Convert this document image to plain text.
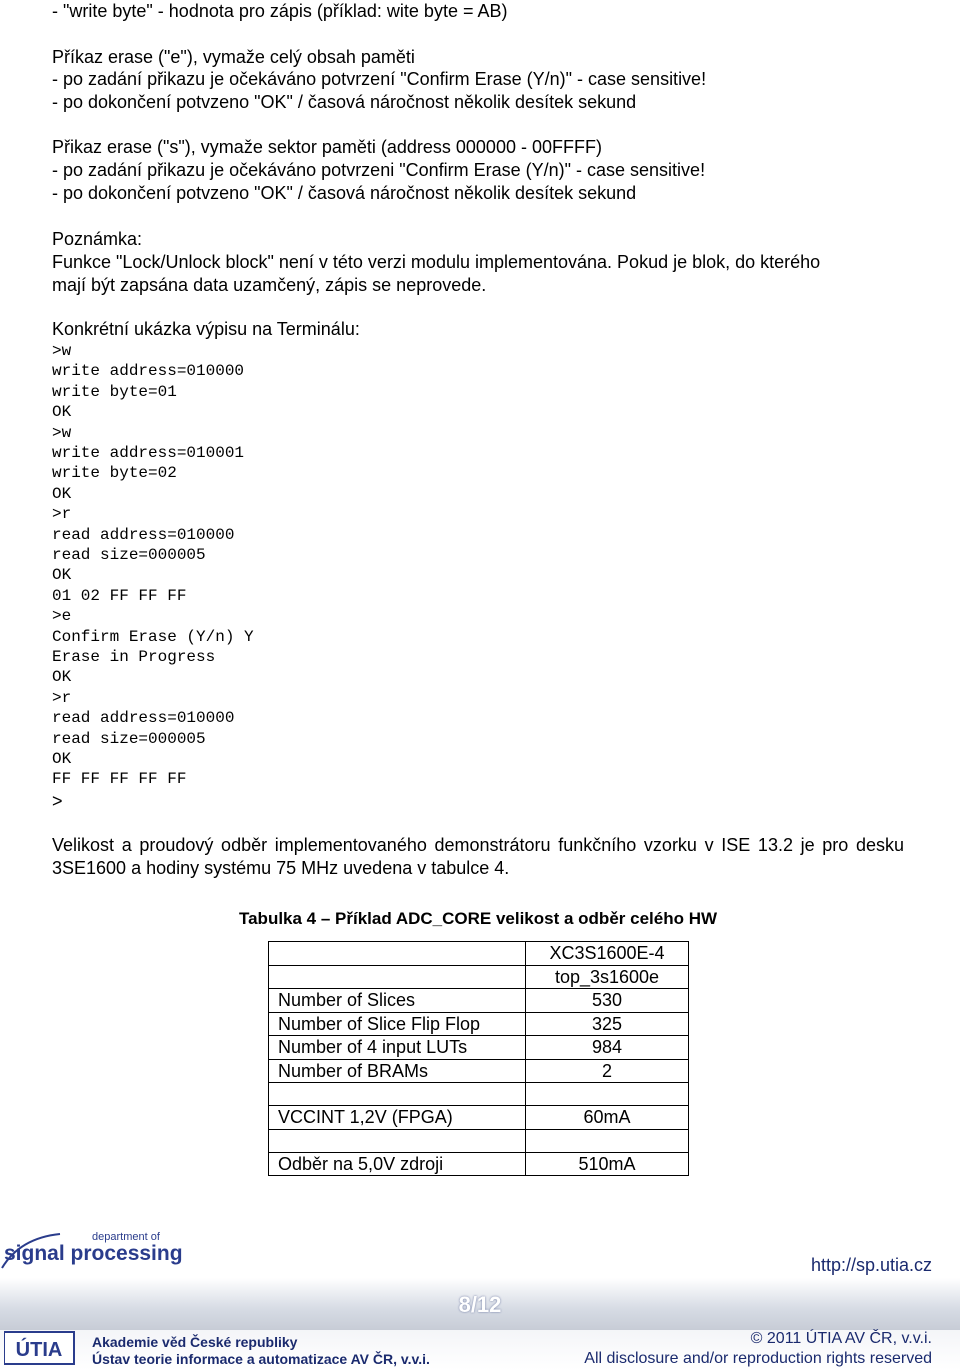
- "write byte" - hodnota pro zápis (příklad: wite byte = AB)
Příkaz erase ("e"), vymaže celý obsah paměti
- po zadání přikazu je očekáváno potvrzení "Confirm Erase (Y/n)" - case sensitive!
- po dokončení potvzeno "OK" / časová náročnost několik desítek sekund
Přikaz erase ("s"), vymaže sektor paměti (address 000000 - 00FFFF)
- po zadání přikazu je očekáváno potvrzeni "Confirm Erase (Y/n)" - case sensitive!
- po dokončení potvzeno "OK" / časová náročnost několik desítek sekund
Poznámka:
Funkce "Lock/Unlock block" není v této verzi modulu implementována. Pokud je blok, do kterého
mají být zapsána data uzamčený, zápis se neprovede.
Konkrétní ukázka výpisu na Terminálu:
>w
write address=010000
write byte=01
OK
>w
write address=010001
write byte=02
OK
>r
read address=010000
read size=000005
OK
01 02 FF FF FF
>e
Confirm Erase (Y/n) Y
Erase in Progress
OK
>r
read address=010000
read size=000005
OK
FF FF FF FF FF
>
Velikost a proudový odběr implementovaného demonstrátoru funkčního vzorku v ISE 13.2 je pro desku 3SE1600 a hodiny systému 75 MHz uvedena v tabulce 4.
Tabulka 4 – Příklad ADC_CORE velikost a odběr celého HW
	XC3S1600E-4
	top_3s1600e
Number of Slices	530
Number of Slice Flip Flop	325
Number of 4 input LUTs	984
Number of BRAMs	2

VCCINT 1,2V (FPGA)	60mA

Odběr na 5,0V zdroji	510mA
department of
signal processing	http://sp.utia.cz
8/12
ÚTIA Akademie věd České republiky
Ústav teorie informace a automatizace AV ČR, v.v.i.
© 2011 ÚTIA AV ČR, v.v.i.
All disclosure and/or reproduction rights reserved
